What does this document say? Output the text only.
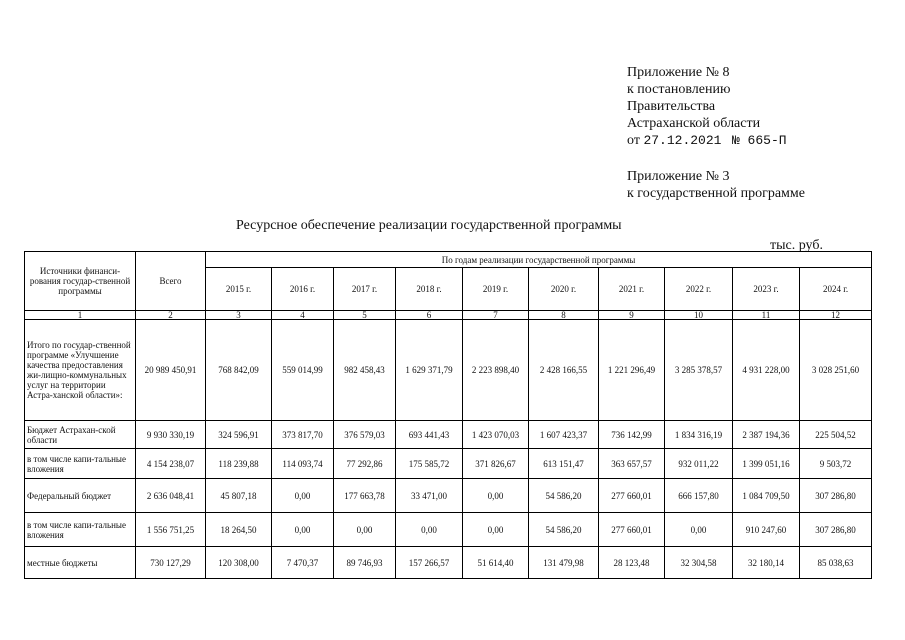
Приложение № 8
к постановлению
Правительства
Астраханской области
от 27.12.2021 № 665-П
Приложение № 3
к государственной программе
Ресурсное обеспечение реализации государственной программы
тыс. руб.
Источники финанси-рования государ-ственной программы	Всего	По годам реализации государственной программы									
		2015 г.	2016 г.	2017 г.	2018 г.	2019 г.	2020 г.	2021 г.	2022 г.	2023 г.	2024 г.
1	2	3	4	5	6	7	8	9	10	11	12
Итого по государ-ственной программе «Улучшение качества предоставления жи-лищно-коммунальных услуг на территории Астра-ханской области»:	20 989 450,91	768 842,09	559 014,99	982 458,43	1 629 371,79	2 223 898,40	2 428 166,55	1 221 296,49	3 285 378,57	4 931 228,00	3 028 251,60
Бюджет Астрахан-ской области	9 930 330,19	324 596,91	373 817,70	376 579,03	693 441,43	1 423 070,03	1 607 423,37	736 142,99	1 834 316,19	2 387 194,36	225 504,52
в том числе капи-тальные вложения	4 154 238,07	118 239,88	114 093,74	77 292,86	175 585,72	371 826,67	613 151,47	363 657,57	932 011,22	1 399 051,16	9 503,72
Федеральный бюджет	2 636 048,41	45 807,18	0,00	177 663,78	33 471,00	0,00	54 586,20	277 660,01	666 157,80	1 084 709,50	307 286,80
в том числе капи-тальные вложения	1 556 751,25	18 264,50	0,00	0,00	0,00	0,00	54 586,20	277 660,01	0,00	910 247,60	307 286,80
местные бюджеты	730 127,29	120 308,00	7 470,37	89 746,93	157 266,57	51 614,40	131 479,98	28 123,48	32 304,58	32 180,14	85 038,63
